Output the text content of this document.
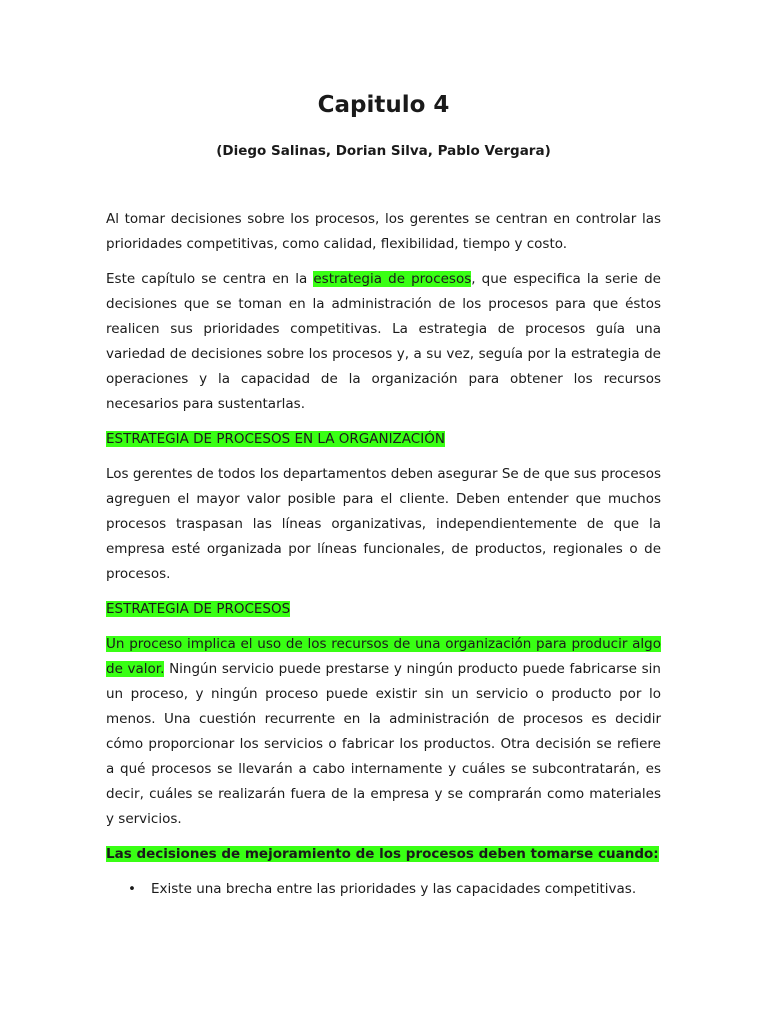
Capitulo 4
(Diego Salinas, Dorian Silva, Pablo Vergara)

Al tomar decisiones sobre los procesos, los gerentes se centran en controlar las prioridades competitivas, como calidad, flexibilidad, tiempo y costo.

Este capítulo se centra en la estrategia de procesos, que especifica la serie de decisiones que se toman en la administración de los procesos para que éstos realicen sus prioridades competitivas. La estrategia de procesos guía una variedad de decisiones sobre los procesos y, a su vez, seguía por la estrategia de operaciones y la capacidad de la organización para obtener los recursos necesarios para sustentarlas.

ESTRATEGIA DE PROCESOS EN LA ORGANIZACIÓN

Los gerentes de todos los departamentos deben asegurar Se de que sus procesos agreguen el mayor valor posible para el cliente. Deben entender que muchos procesos traspasan las líneas organizativas, independientemente de que la empresa esté organizada por líneas funcionales, de productos, regionales o de procesos.

ESTRATEGIA DE PROCESOS

Un proceso implica el uso de los recursos de una organización para producir algo de valor. Ningún servicio puede prestarse y ningún producto puede fabricarse sin un proceso, y ningún proceso puede existir sin un servicio o producto por lo menos. Una cuestión recurrente en la administración de procesos es decidir cómo proporcionar los servicios o fabricar los productos. Otra decisión se refiere a qué procesos se llevarán a cabo internamente y cuáles se subcontratarán, es decir, cuáles se realizarán fuera de la empresa y se comprarán como materiales y servicios.

Las decisiones de mejoramiento de los procesos deben tomarse cuando:

• Existe una brecha entre las prioridades y las capacidades competitivas.
